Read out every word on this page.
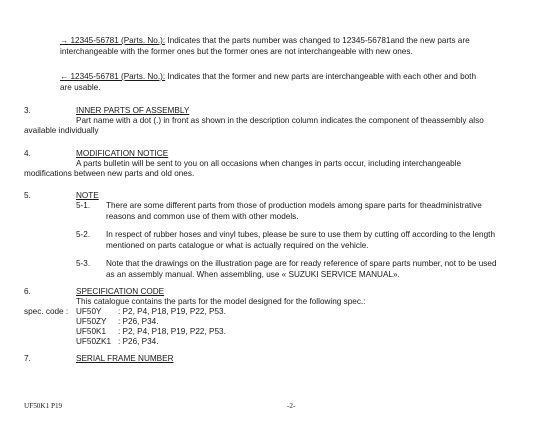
→ 12345-56781 (Parts. No.): Indicates that the parts number was changed to 12345-56781and the new parts are
interchangeable with the former ones but the former ones are not interchangeable with new ones.
← 12345-56781 (Parts. No.): Indicates that the former and new parts are interchangeable with each other and both
are usable.
3.	INNER PARTS OF ASSEMBLY
Part name with a dot (.) in front as shown in the description column indicates the component of theassembly also
available individually
4.	MODIFICATION NOTICE
A parts bulletin will be sent to you on all occasions when changes in parts occur, including interchangeable
modifications between new parts and old ones.
5.	NOTE
5-1. There are some different parts from those of production models among spare parts for theadministrative
reasons and common use of them with other models.
5-2. In respect of rubber hoses and vinyl tubes, please be sure to use them by cutting off according to the length
mentioned on parts catalogue or what is actually required on the vehicle.
5-3. Note that the drawings on the illustration page are for ready reference of spare parts number, not to be used
as an assembly manual. When assembling, use « SUZUKI SERVICE MANUAL».
6.	SPECIFICATION CODE
This catalogue contains the parts for the model designed for the following spec.:
spec. code : UF50Y : P2, P4, P18, P19, P22, P53.
UF50ZY : P26, P34.
UF50K1 : P2, P4, P18, P19, P22, P53.
UF50ZK1 : P26, P34.
7.	SERIAL FRAME NUMBER
UF50K1 P19	-2-
